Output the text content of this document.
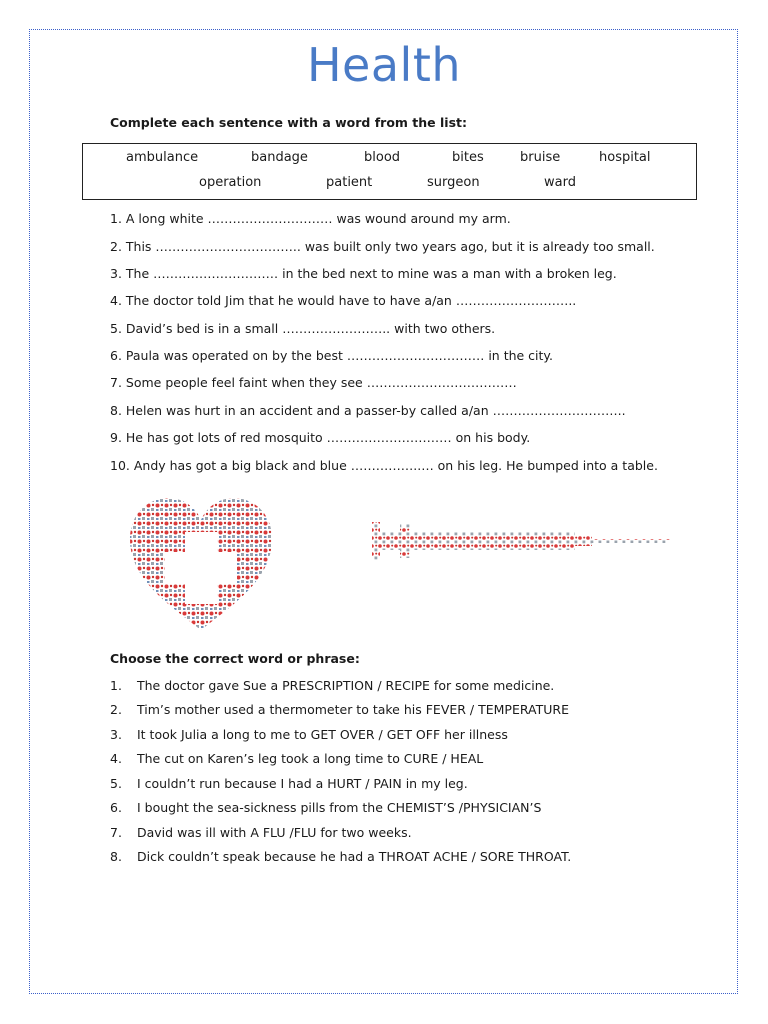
Health
Complete each sentence with a word from the list:
ambulance	bandage	blood	bites	bruise	hospital
operation	patient	surgeon	ward
1. A long white ………………………… was wound around my arm.
2. This …………………………….. was built only two years ago, but it is already too small.
3. The ………………………… in the bed next to mine was a man with a broken leg.
4. The doctor told Jim that he would have to have a/an ………………………..
5. David’s bed is in a small …………………….. with two others.
6. Paula was operated on by the best …………………………… in the city.
7. Some people feel faint when they see ………………………………
8. Helen was hurt in an accident and a passer-by called a/an …………………………..
9. He has got lots of red mosquito ………………………… on his body.
10. Andy has got a big black and blue ……………..… on his leg. He bumped into a table.
Choose the correct word or phrase:
1. The doctor gave Sue a PRESCRIPTION / RECIPE for some medicine.
2. Tim’s mother used a thermometer to take his FEVER / TEMPERATURE
3. It took Julia a long to me to GET OVER / GET OFF her illness
4. The cut on Karen’s leg took a long time to CURE / HEAL
5. I couldn’t run because I had a HURT / PAIN in my leg.
6. I bought the sea-sickness pills from the CHEMIST’S /PHYSICIAN’S
7. David was ill with A FLU /FLU for two weeks.
8. Dick couldn’t speak because he had a THROAT ACHE / SORE THROAT.
